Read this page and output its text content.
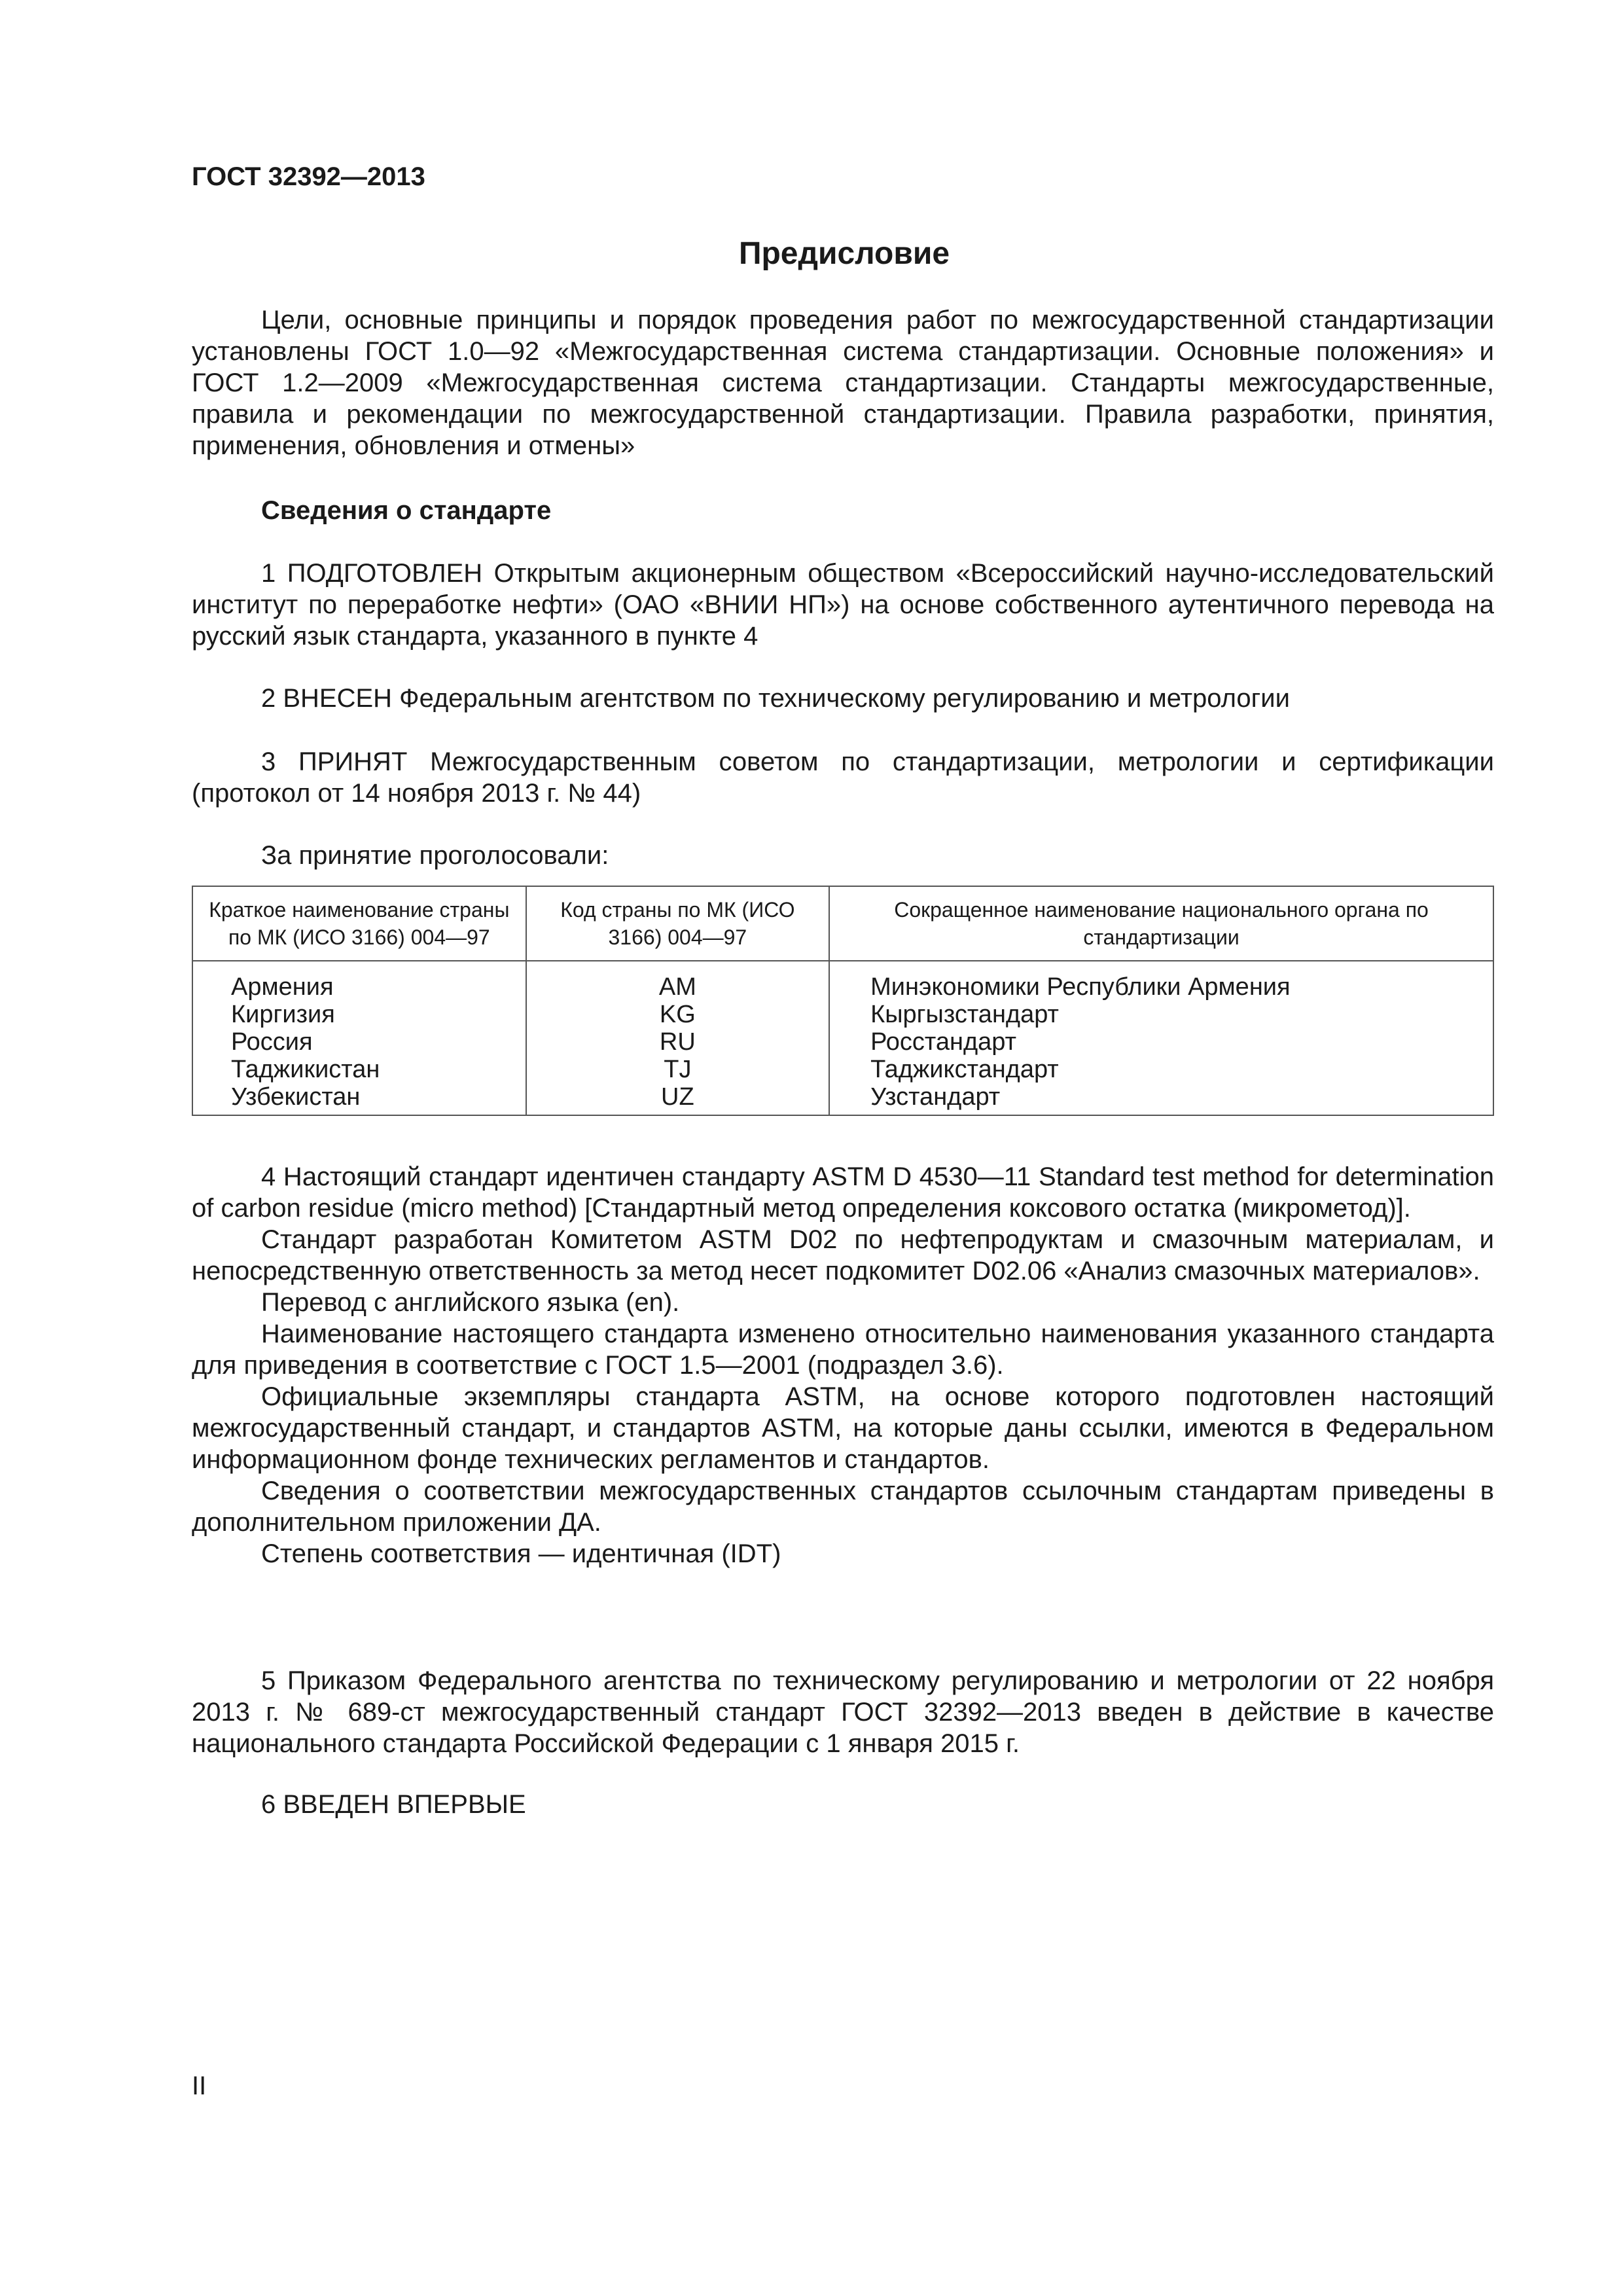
ГОСТ 32392—2013
Предисловие

Цели, основные принципы и порядок проведения работ по межгосударственной стандартизации установлены ГОСТ 1.0—92 «Межгосударственная система стандартизации. Основные положения» и ГОСТ 1.2—2009 «Межгосударственная система стандартизации. Стандарты межгосударственные, правила и рекомендации по межгосударственной стандартизации. Правила разработки, принятия, применения, обновления и отмены»

Сведения о стандарте

1 ПОДГОТОВЛЕН Открытым акционерным обществом «Всероссийский научно-исследовательский институт по переработке нефти» (ОАО «ВНИИ НП») на основе собственного аутентичного перевода на русский язык стандарта, указанного в пункте 4

2 ВНЕСЕН Федеральным агентством по техническому регулированию и метрологии

3 ПРИНЯТ Межгосударственным советом по стандартизации, метрологии и сертификации (протокол от 14 ноября 2013 г. № 44)

За принятие проголосовали:
Краткое наименование страны по МК (ИСО 3166) 004—97	Код страны по МК (ИСО 3166) 004—97	Сокращенное наименование национального органа по стандартизации
Армения	AM	Минэкономики Республики Армения
Киргизия	KG	Кыргызстандарт
Россия	RU	Росстандарт
Таджикистан	TJ	Таджикстандарт
Узбекистан	UZ	Узстандарт

4 Настоящий стандарт идентичен стандарту ASTM D 4530—11 Standard test method for determination of carbon residue (micro method) [Стандартный метод определения коксового остатка (микрометод)].

Стандарт разработан Комитетом ASTM D02 по нефтепродуктам и смазочным материалам, и непосредственную ответственность за метод несет подкомитет D02.06 «Анализ смазочных материалов».

Перевод с английского языка (en).

Наименование настоящего стандарта изменено относительно наименования указанного стандарта для приведения в соответствие с ГОСТ 1.5—2001 (подраздел 3.6).

Официальные экземпляры стандарта ASTM, на основе которого подготовлен настоящий межгосударственный стандарт, и стандартов ASTM, на которые даны ссылки, имеются в Федеральном информационном фонде технических регламентов и стандартов.

Сведения о соответствии межгосударственных стандартов ссылочным стандартам приведены в дополнительном приложении ДА.

Степень соответствия — идентичная (IDT)

5 Приказом Федерального агентства по техническому регулированию и метрологии от 22 ноября 2013 г. № 689-ст межгосударственный стандарт ГОСТ 32392—2013 введен в действие в качестве национального стандарта Российской Федерации с 1 января 2015 г.

6 ВВЕДЕН ВПЕРВЫЕ
II
